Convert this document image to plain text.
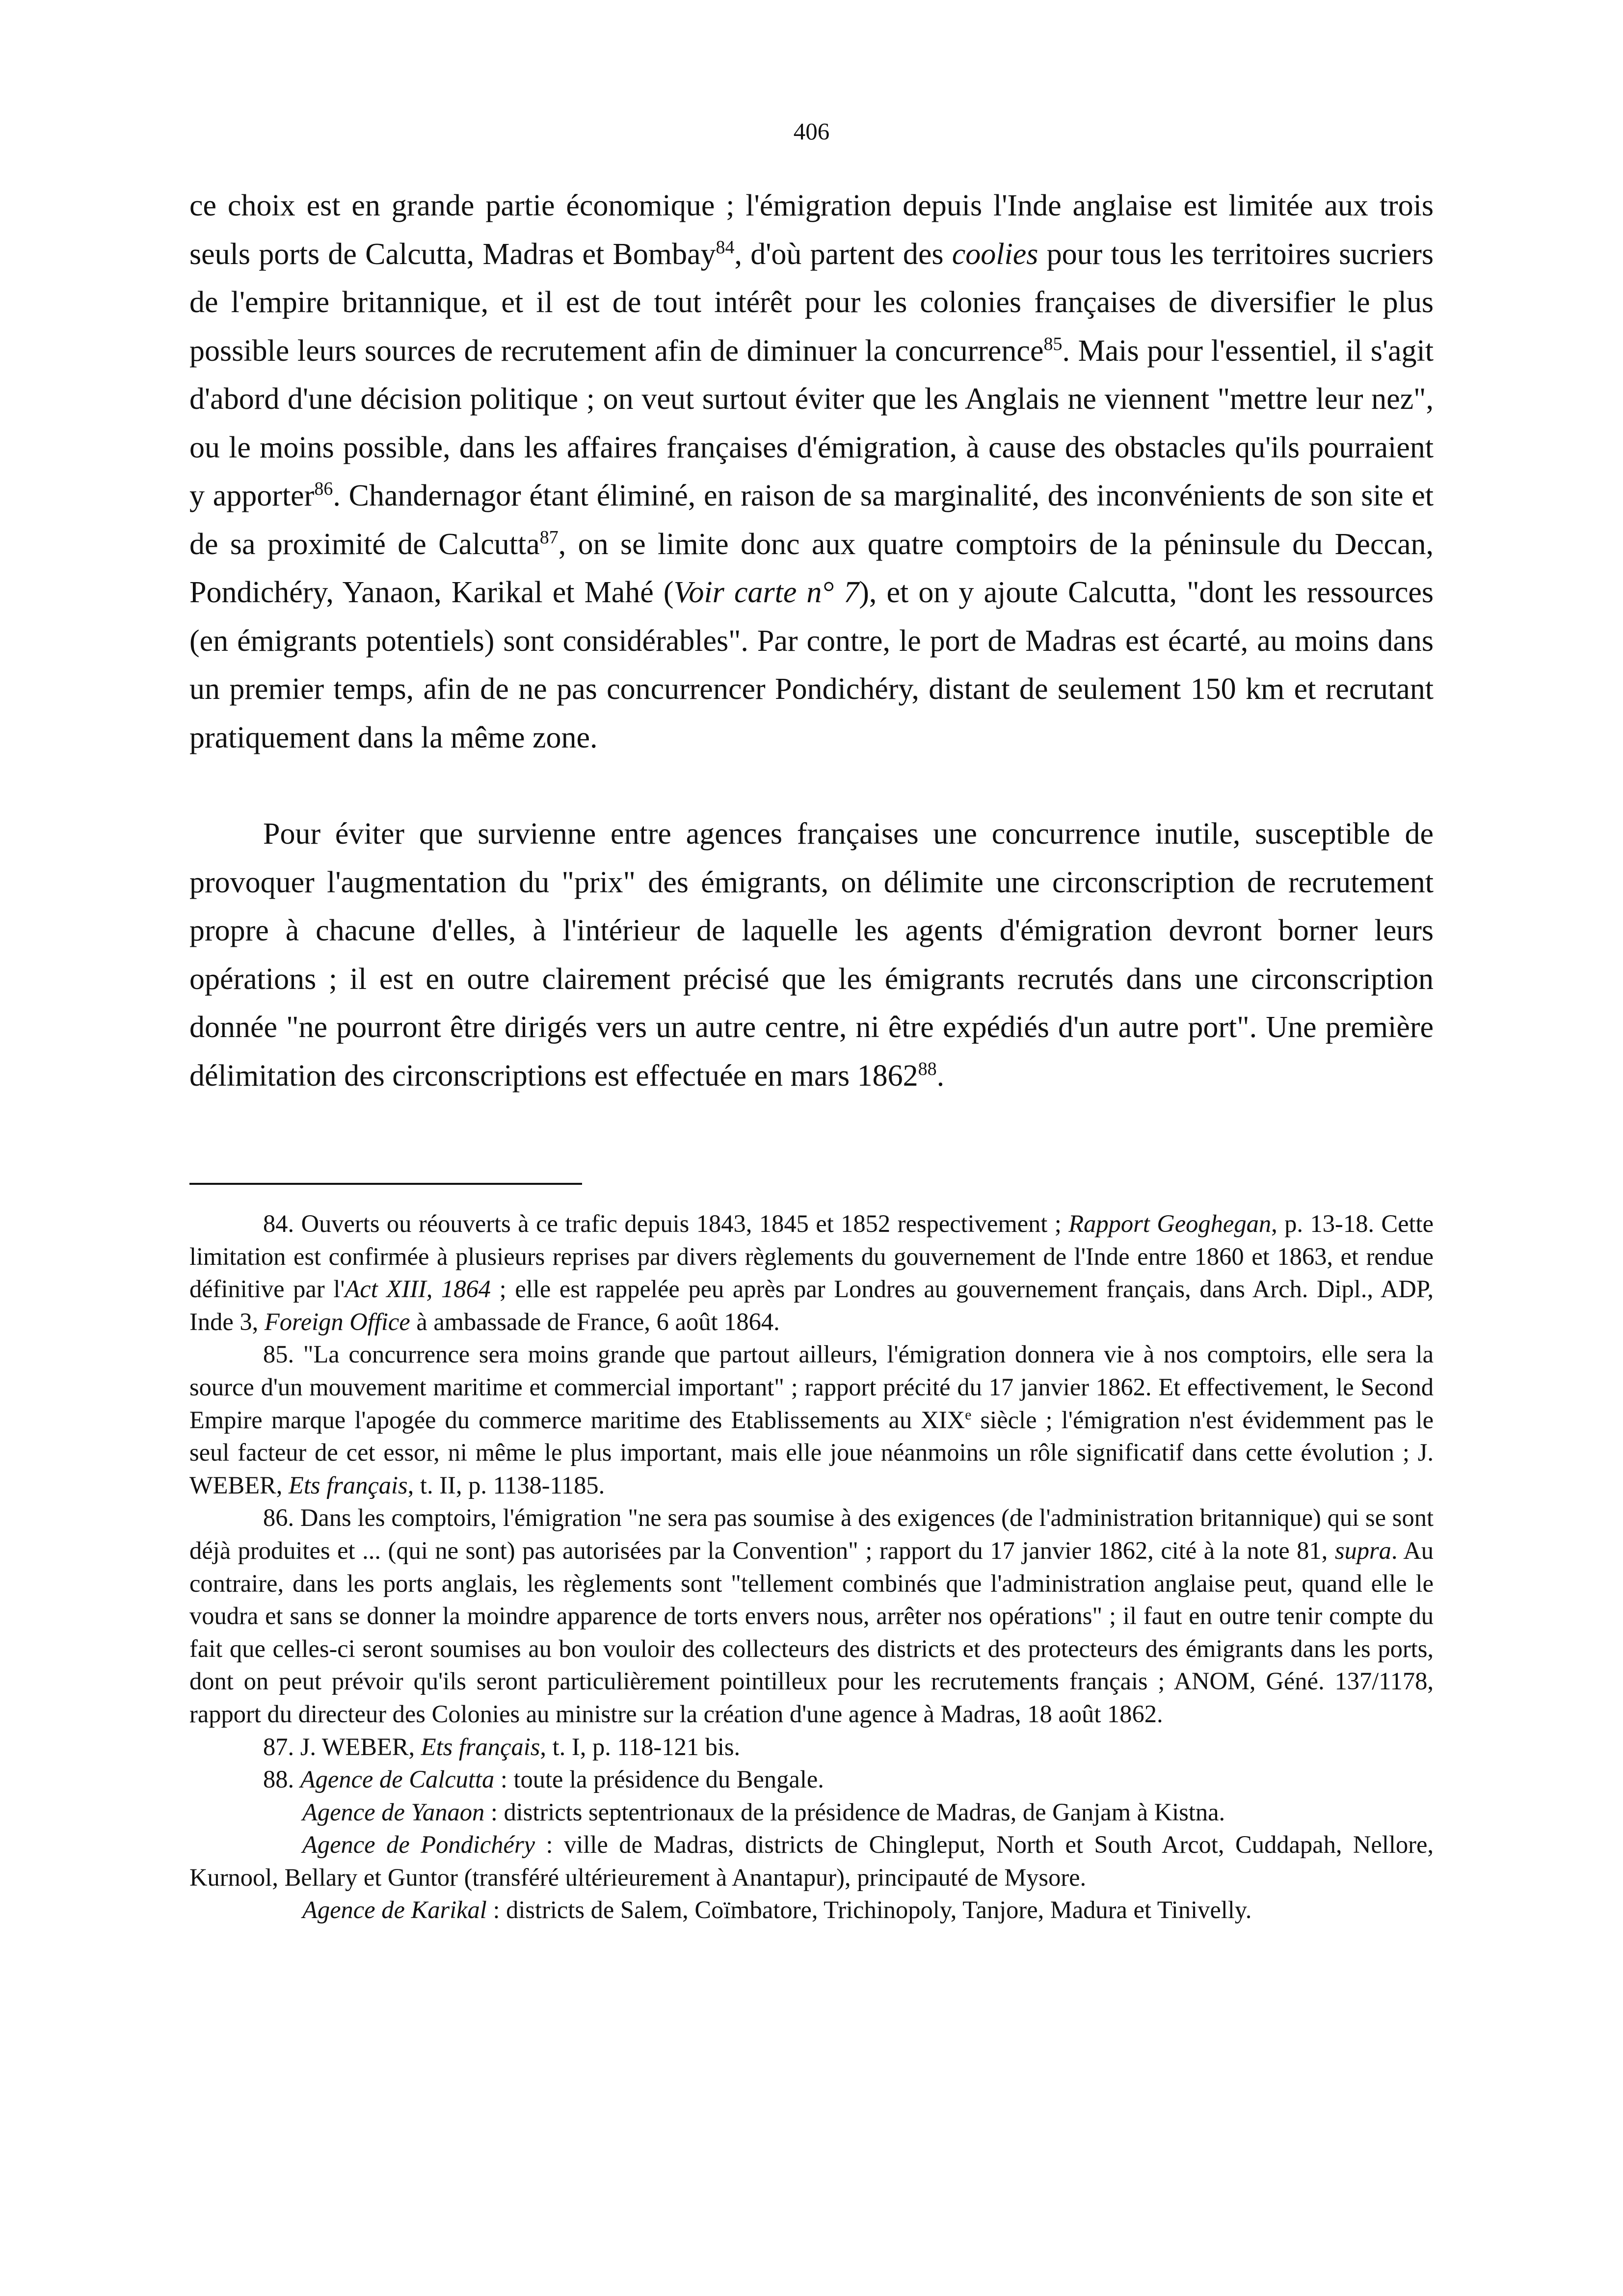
406

ce choix est en grande partie économique ; l'émigration depuis l'Inde anglaise est limitée aux trois seuls ports de Calcutta, Madras et Bombay$^{84}$, d'où partent des coolies pour tous les territoires sucriers de l'empire britannique, et il est de tout intérêt pour les colonies françaises de diversifier le plus possible leurs sources de recrutement afin de diminuer la concurrence$^{85}$. Mais pour l'essentiel, il s'agit d'abord d'une décision politique ; on veut surtout éviter que les Anglais ne viennent "mettre leur nez", ou le moins possible, dans les affaires françaises d'émigration, à cause des obstacles qu'ils pourraient y apporter$^{86}$. Chandernagor étant éliminé, en raison de sa marginalité, des inconvénients de son site et de sa proximité de Calcutta$^{87}$, on se limite donc aux quatre comptoirs de la péninsule du Deccan, Pondichéry, Yanaon, Karikal et Mahé (Voir carte n° 7), et on y ajoute Calcutta, "dont les ressources (en émigrants potentiels) sont considérables". Par contre, le port de Madras est écarté, au moins dans un premier temps, afin de ne pas concurrencer Pondichéry, distant de seulement 150 km et recrutant pratiquement dans la même zone.

Pour éviter que survienne entre agences françaises une concurrence inutile, susceptible de provoquer l'augmentation du "prix" des émigrants, on délimite une circonscription de recrutement propre à chacune d'elles, à l'intérieur de laquelle les agents d'émigration devront borner leurs opérations ; il est en outre clairement précisé que les émigrants recrutés dans une circonscription donnée "ne pourront être dirigés vers un autre centre, ni être expédiés d'un autre port". Une première délimitation des circonscriptions est effectuée en mars 1862$^{88}$.

84. Ouverts ou réouverts à ce trafic depuis 1843, 1845 et 1852 respectivement ; Rapport Geoghegan, p. 13-18. Cette limitation est confirmée à plusieurs reprises par divers règlements du gouvernement de l'Inde entre 1860 et 1863, et rendue définitive par l'Act XIII, 1864 ; elle est rappelée peu après par Londres au gouvernement français, dans Arch. Dipl., ADP, Inde 3, Foreign Office à ambassade de France, 6 août 1864.

85. "La concurrence sera moins grande que partout ailleurs, l'émigration donnera vie à nos comptoirs, elle sera la source d'un mouvement maritime et commercial important" ; rapport précité du 17 janvier 1862. Et effectivement, le Second Empire marque l'apogée du commerce maritime des Etablissements au XIXe siècle ; l'émigration n'est évidemment pas le seul facteur de cet essor, ni même le plus important, mais elle joue néanmoins un rôle significatif dans cette évolution ; J. WEBER, Ets français, t. II, p. 1138-1185.

86. Dans les comptoirs, l'émigration "ne sera pas soumise à des exigences (de l'administration britannique) qui se sont déjà produites et ... (qui ne sont) pas autorisées par la Convention" ; rapport du 17 janvier 1862, cité à la note 81, supra. Au contraire, dans les ports anglais, les règlements sont "tellement combinés que l'administration anglaise peut, quand elle le voudra et sans se donner la moindre apparence de torts envers nous, arrêter nos opérations" ; il faut en outre tenir compte du fait que celles-ci seront soumises au bon vouloir des collecteurs des districts et des protecteurs des émigrants dans les ports, dont on peut prévoir qu'ils seront particulièrement pointilleux pour les recrutements français ; ANOM, Géné. 137/1178, rapport du directeur des Colonies au ministre sur la création d'une agence à Madras, 18 août 1862.

87. J. WEBER, Ets français, t. I, p. 118-121 bis.

88. Agence de Calcutta : toute la présidence du Bengale.

Agence de Yanaon : districts septentrionaux de la présidence de Madras, de Ganjam à Kistna.

Agence de Pondichéry : ville de Madras, districts de Chingleput, North et South Arcot, Cuddapah, Nellore, Kurnool, Bellary et Guntor (transféré ultérieurement à Anantapur), principauté de Mysore.

Agence de Karikal : districts de Salem, Coïmbatore, Trichinopoly, Tanjore, Madura et Tinivelly.
